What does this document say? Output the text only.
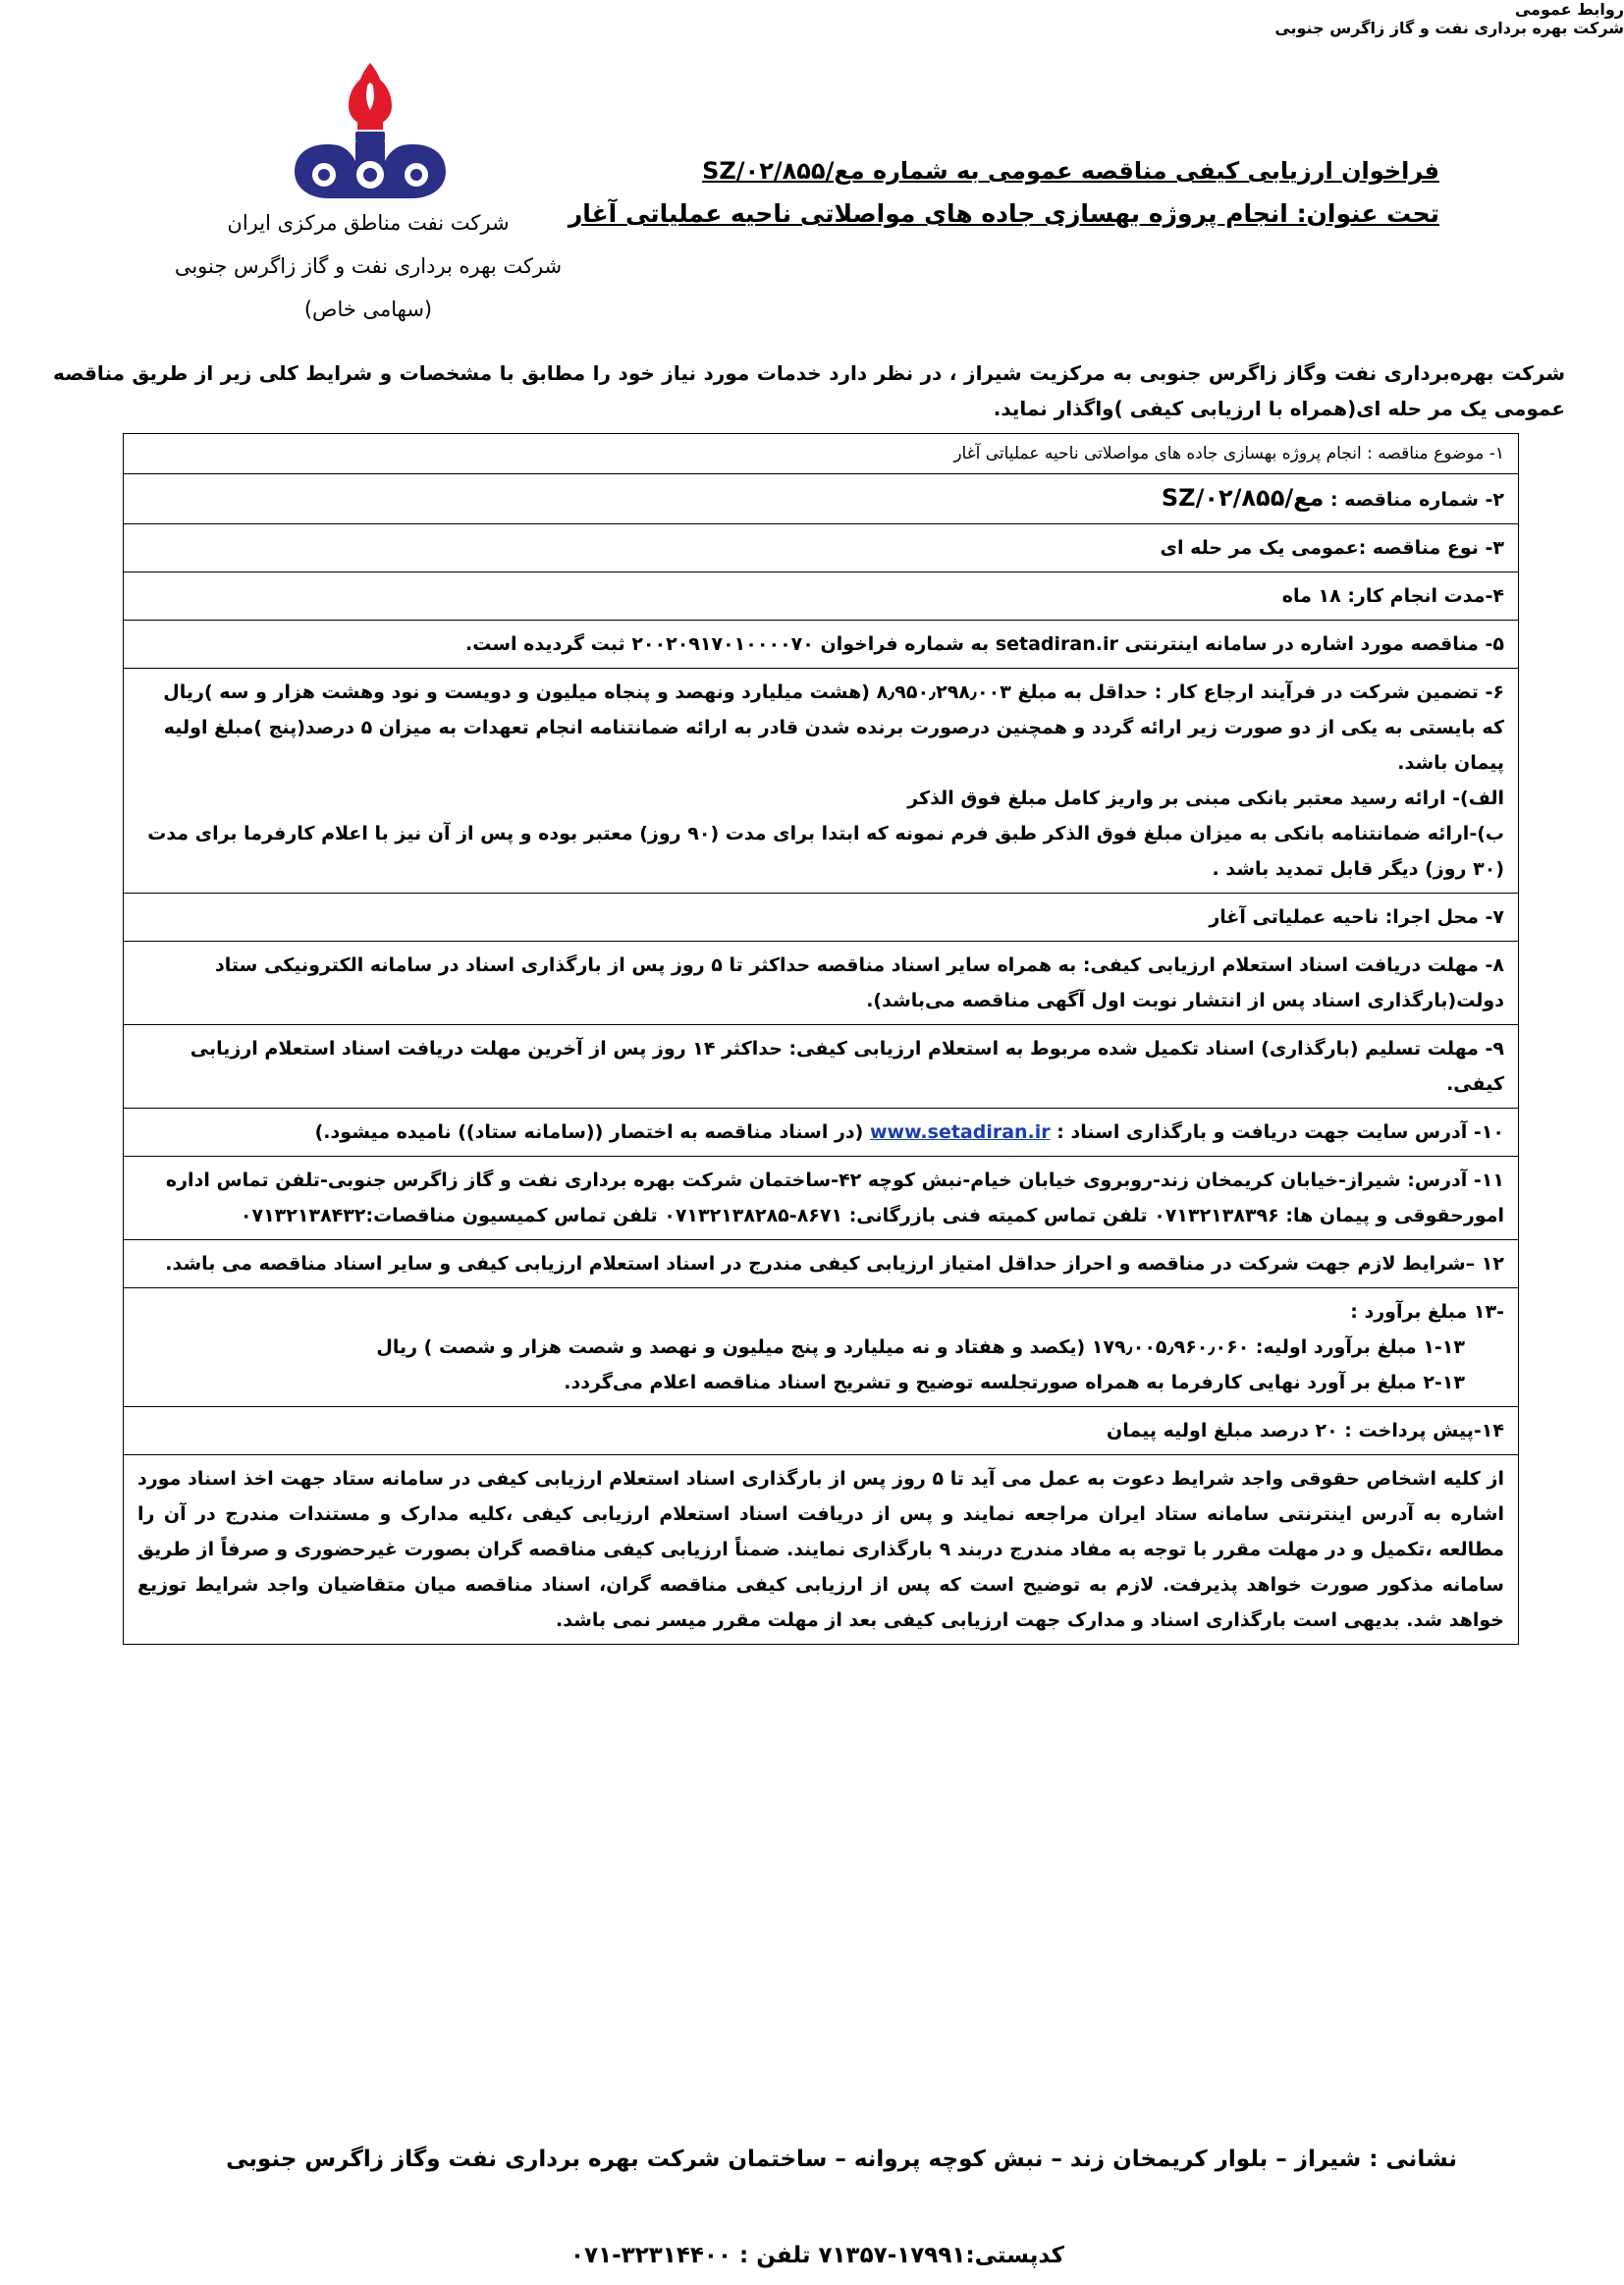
شرکت نفت مناطق مرکزی ایران
شرکت بهره برداری نفت و گاز زاگرس جنوبی
(سهامی خاص)
فراخوان ارزیابی کیفی مناقصه عمومی به شماره مع/۰۲/۸۵۵/SZ
تحت عنوان: انجام پروژه بهسازی جاده های مواصلاتی ناحیه عملیاتی آغار
شرکت بهره‌برداری نفت وگاز زاگرس جنوبی به مرکزیت شیراز ، در نظر دارد خدمات مورد نیاز خود را مطابق با مشخصات و شرایط کلی زیر از طریق مناقصه عمومی یک مر حله ای(همراه با ارزیابی کیفی )واگذار نماید.
۱- موضوع مناقصه : انجام پروژه بهسازی جاده های مواصلاتی ناحیه عملیاتی آغار
۲- شماره مناقصه : مع/۰۲/۸۵۵/SZ
۳- نوع مناقصه :عمومی یک مر حله ای
۴-مدت انجام کار: ۱۸ ماه
۵- مناقصه مورد اشاره در سامانه اینترنتی setadiran.ir به شماره فراخوان ۲۰۰۲۰۹۱۷۰۱۰۰۰۰۷۰ ثبت گردیده است.

۶- تضمین شرکت در فرآیند ارجاع کار : حداقل به مبلغ ۸٫۹۵۰٫۲۹۸٫۰۰۳ (هشت میلیارد ونهصد و پنجاه میلیون و دویست و نود وهشت هزار و سه )ریال که بایستی به یکی از دو صورت زیر ارائه گردد و همچنین درصورت برنده شدن قادر به ارائه ضمانتنامه انجام تعهدات به میزان ۵ درصد(پنج )مبلغ اولیه پیمان باشد.
الف)- ارائه رسید معتبر بانکی مبنی بر واریز کامل مبلغ فوق الذکر
ب)-ارائه ضمانتنامه بانکی به میزان مبلغ فوق الذکر طبق فرم نمونه که ابتدا برای مدت (۹۰ روز) معتبر بوده و پس از آن نیز با اعلام کارفرما برای مدت (۳۰ روز) دیگر قابل تمدید باشد .

۷- محل اجرا: ناحیه عملیاتی آغار
۸- مهلت دریافت اسناد استعلام ارزیابی کیفی: به همراه سایر اسناد مناقصه حداکثر تا ۵ روز پس از بارگذاری اسناد در سامانه الکترونیکی ستاد دولت(بارگذاری اسناد پس از انتشار نوبت اول آگهی مناقصه می‌باشد).
۹- مهلت تسلیم (بارگذاری) اسناد تکمیل شده مربوط به استعلام ارزیابی کیفی: حداکثر ۱۴ روز پس از آخرین مهلت دریافت اسناد استعلام ارزیابی کیفی.
۱۰- آدرس سایت جهت دریافت و بارگذاری اسناد : www.setadiran.ir (در اسناد مناقصه به اختصار ((سامانه ستاد)) نامیده میشود.)
۱۱- آدرس: شیراز-خیابان کریمخان زند-روبروی خیابان خیام-نبش کوچه ۴۲-ساختمان شرکت بهره برداری نفت و گاز زاگرس جنوبی-تلفن تماس اداره امورحقوقی و پیمان ها: ۰۷۱۳۲۱۳۸۳۹۶ تلفن تماس کمیته فنی بازرگانی: ۸۶۷۱-۰۷۱۳۲۱۳۸۲۸۵ تلفن تماس کمیسیون مناقصات:۰۷۱۳۲۱۳۸۴۳۲
۱۲ –شرایط لازم جهت شرکت در مناقصه و احراز حداقل امتیاز ارزیابی کیفی مندرج در اسناد استعلام ارزیابی کیفی و سایر اسناد مناقصه می باشد.

-۱۳ مبلغ برآورد :
۱-۱۳ مبلغ برآورد اولیه: ۱۷۹٫۰۰۵٫۹۶۰٫۰۶۰ (یکصد و هفتاد و نه میلیارد و پنج میلیون و نهصد و شصت هزار و شصت ) ریال
۲-۱۳ مبلغ بر آورد نهایی کارفرما به همراه صورتجلسه توضیح و تشریح اسناد مناقصه اعلام می‌گردد.

۱۴-پیش پرداخت : ۲۰ درصد مبلغ اولیه پیمان
از کلیه اشخاص حقوقی واجد شرایط دعوت به عمل می آید تا ۵ روز پس از بارگذاری اسناد استعلام ارزیابی کیفی در سامانه ستاد جهت اخذ اسناد مورد اشاره به آدرس اینترنتی سامانه ستاد ایران مراجعه نمایند و پس از دریافت اسناد استعلام ارزیابی کیفی ،کلیه مدارک و مستندات مندرج در آن را مطالعه ،تکمیل و در مهلت مقرر با توجه به مفاد مندرج دربند ۹ بارگذاری نمایند. ضمناً ارزیابی کیفی مناقصه گران بصورت غیرحضوری و صرفاً از طریق سامانه مذکور صورت خواهد پذیرفت. لازم به توضیح است که پس از ارزیابی کیفی مناقصه گران، اسناد مناقصه میان متقاضیان واجد شرایط توزیع خواهد شد. بدیهی است بارگذاری اسناد و مدارک جهت ارزیابی کیفی بعد از مهلت مقرر میسر نمی باشد.
روابط عمومی
شرکت بهره برداری نفت و گاز زاگرس جنوبی
نشانی : شیراز – بلوار کریمخان زند – نبش کوچه پروانه – ساختمان شرکت بهره برداری نفت وگاز زاگرس جنوبی
کدپستی:۱۷۹۹۱-۷۱۳۵۷ تلفن : ۳۲۳۱۴۴۰۰-۰۷۱
